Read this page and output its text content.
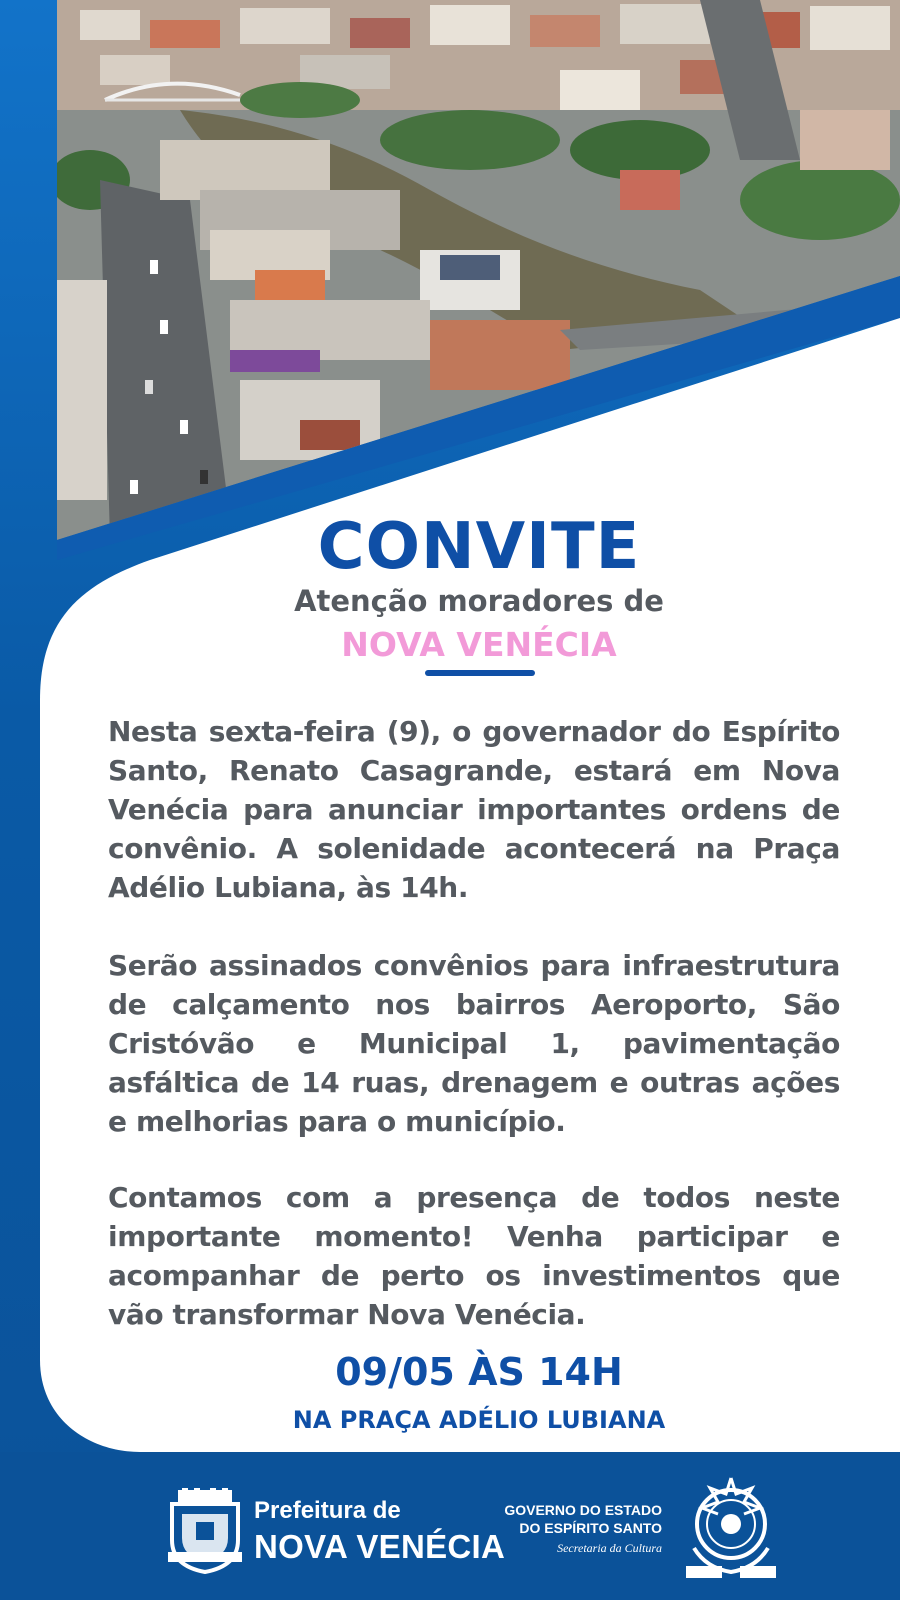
CONVITE
Atenção moradores de
NOVA VENÉCIA
Nesta sexta-feira (9), o governador do Espírito Santo, Renato Casagrande, estará em Nova Venécia para anunciar importantes ordens de convênio. A solenidade acontecerá na Praça Adélio Lubiana, às 14h.
Serão assinados convênios para infraestrutura de calçamento nos bairros Aeroporto, São Cristóvão e Municipal 1, pavimentação asfáltica de 14 ruas, drenagem e outras ações e melhorias para o município.
Contamos com a presença de todos neste importante momento! Venha participar e acompanhar de perto os investimentos que vão transformar Nova Venécia.
09/05 ÀS 14H
NA PRAÇA ADÉLIO LUBIANA
Prefeitura de
NOVA VENÉCIA
GOVERNO DO ESTADO
DO ESPÍRITO SANTO
Secretaria da Cultura
